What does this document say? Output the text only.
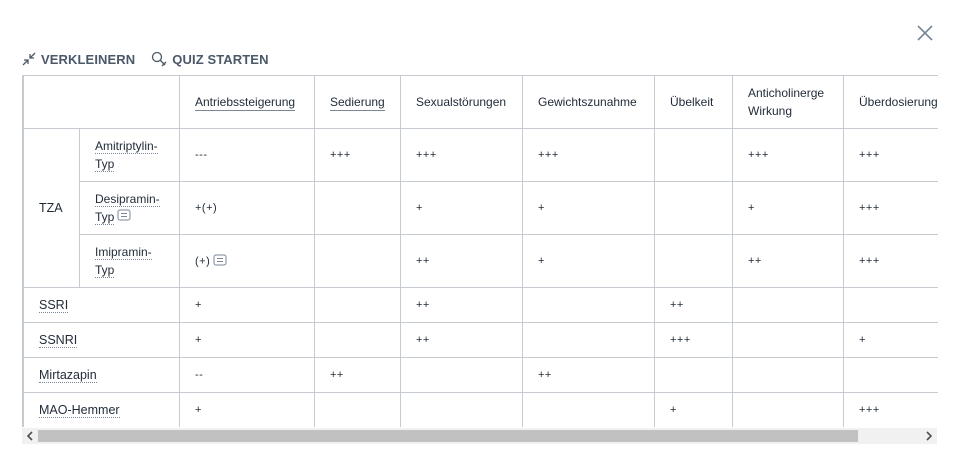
VERKLEINERN	QUIZ STARTEN
		Antriebssteigerung	Sedierung	Sexualstörungen	Gewichtszunahme	Übelkeit	Anticholinerge Wirkung	Überdosierung
TZA	Amitriptylin-Typ	---	+++	+++	+++		+++	+++
	Desipramin-Typ	+(+)		+	+		+	+++
	Imipramin-Typ	(+)		++	+		++	+++
SSRI		+		++		++		
SSNRI		+		++		+++		+
Mirtazapin		--	++		++			
MAO-Hemmer		+				+		+++
